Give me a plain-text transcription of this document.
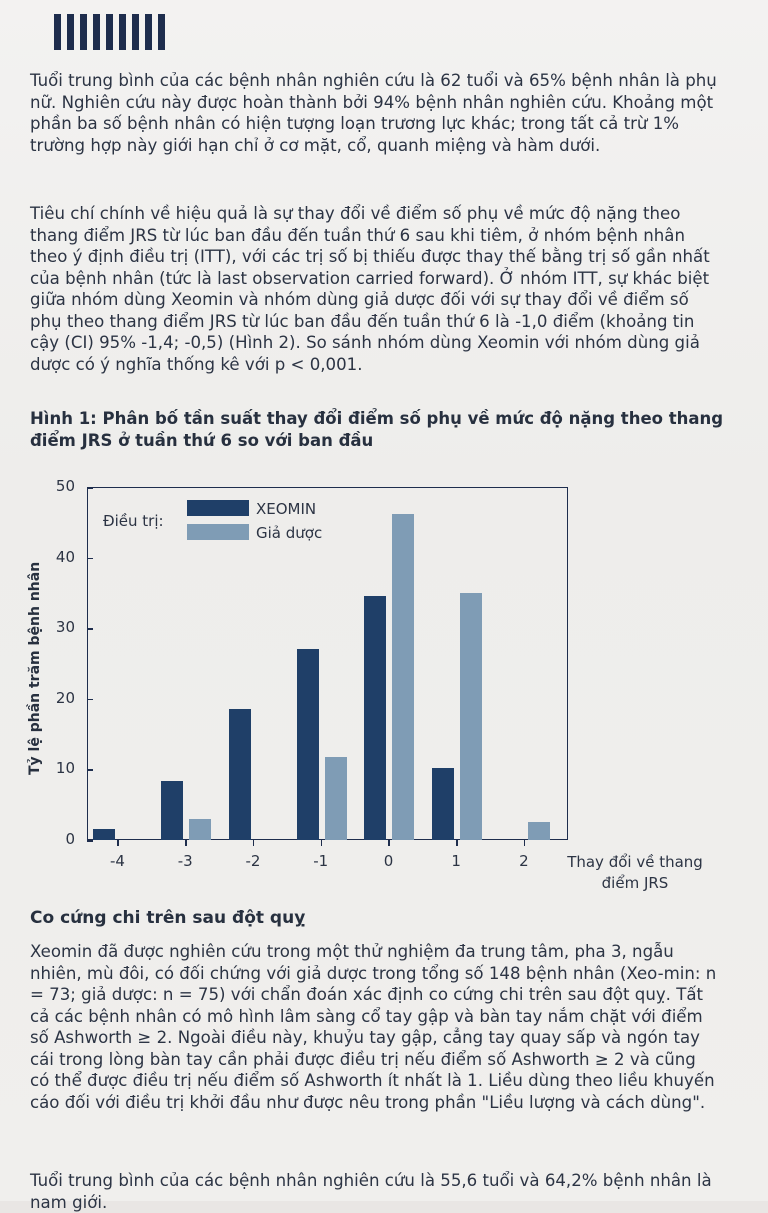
Tuổi trung bình của các bệnh nhân nghiên cứu là 62 tuổi và 65% bệnh nhân là phụ nữ. Nghiên cứu này được hoàn thành bởi 94% bệnh nhân nghiên cứu. Khoảng một phần ba số bệnh nhân có hiện tượng loạn trương lực khác; trong tất cả trừ 1% trường hợp này giới hạn chỉ ở cơ mặt, cổ, quanh miệng và hàm dưới.

Tiêu chí chính về hiệu quả là sự thay đổi về điểm số phụ về mức độ nặng theo thang điểm JRS từ lúc ban đầu đến tuần thứ 6 sau khi tiêm, ở nhóm bệnh nhân theo ý định điều trị (ITT), với các trị số bị thiếu được thay thế bằng trị số gần nhất của bệnh nhân (tức là last observation carried forward). Ở nhóm ITT, sự khác biệt giữa nhóm dùng Xeomin và nhóm dùng giả dược đối với sự thay đổi về điểm số phụ theo thang điểm JRS từ lúc ban đầu đến tuần thứ 6 là -1,0 điểm (khoảng tin cậy (CI) 95% -1,4; -0,5) (Hình 2). So sánh nhóm dùng Xeomin với nhóm dùng giả dược có ý nghĩa thống kê với p < 0,001.

Hình 1: Phân bố tần suất thay đổi điểm số phụ về mức độ nặng theo thang điểm JRS ở tuần thứ 6 so với ban đầu

-4	-3	-2	-1	0	1	2
0
10
20
30
40
50
Tỷ lệ phần trăm bệnh nhân
Thay đổi về thang điểm JRS
Điều trị:
XEOMIN
Giả dược

Co cứng chi trên sau đột quỵ

Xeomin đã được nghiên cứu trong một thử nghiệm đa trung tâm, pha 3, ngẫu nhiên, mù đôi, có đối chứng với giả dược trong tổng số 148 bệnh nhân (Xeo-min: n = 73; giả dược: n = 75) với chẩn đoán xác định co cứng chi trên sau đột quỵ. Tất cả các bệnh nhân có mô hình lâm sàng cổ tay gập và bàn tay nắm chặt với điểm số Ashworth ≥ 2. Ngoài điều này, khuỷu tay gập, cẳng tay quay sấp và ngón tay cái trong lòng bàn tay cần phải được điều trị nếu điểm số Ashworth ≥ 2 và cũng có thể được điều trị nếu điểm số Ashworth ít nhất là 1. Liều dùng theo liều khuyến cáo đối với điều trị khởi đầu như được nêu trong phần "Liều lượng và cách dùng".

Tuổi trung bình của các bệnh nhân nghiên cứu là 55,6 tuổi và 64,2% bệnh nhân là nam giới.
